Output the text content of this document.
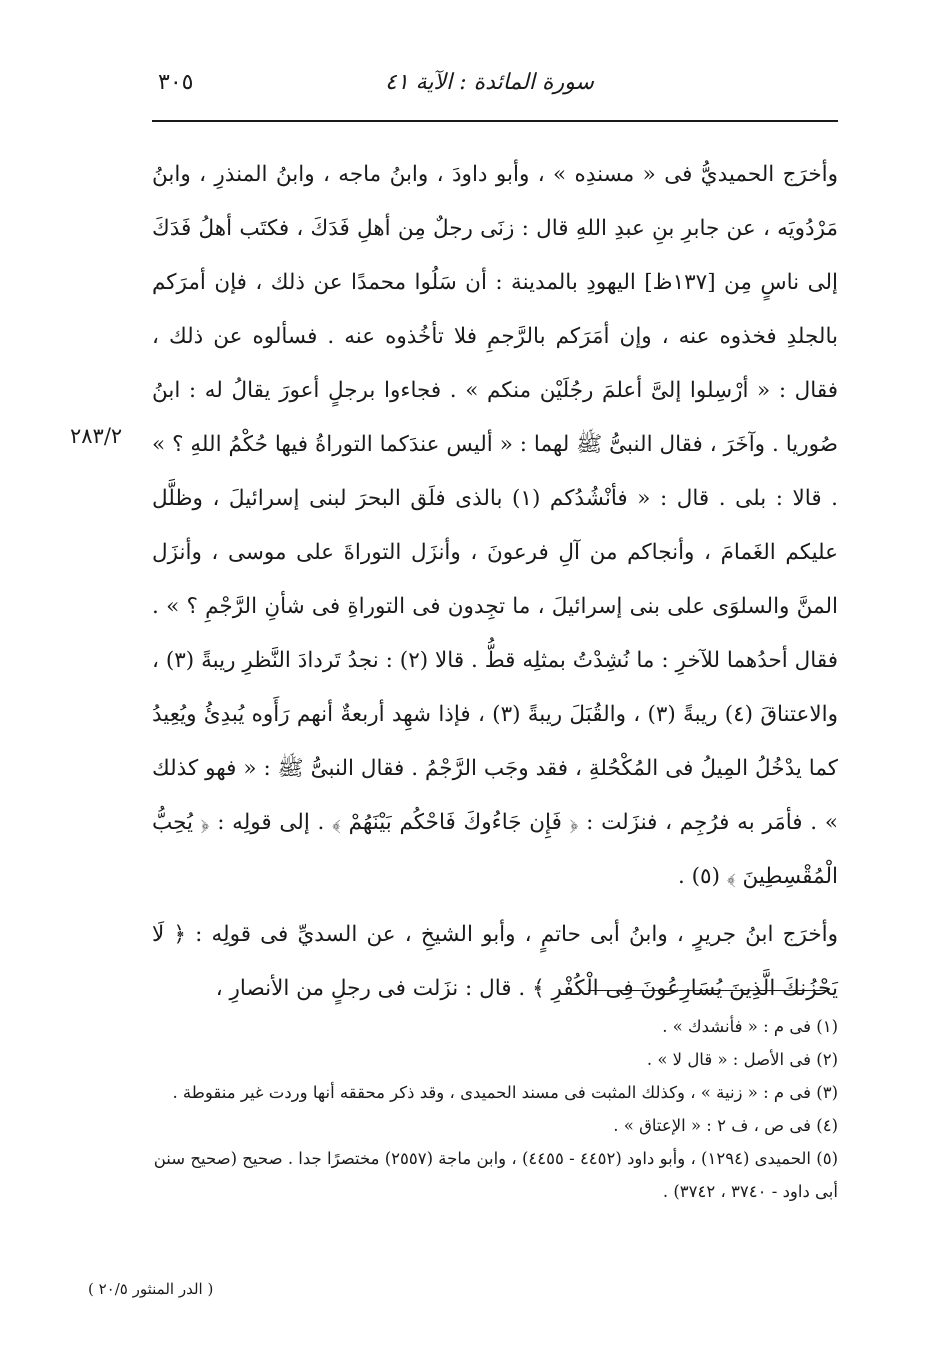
سورة المائدة : الآية ٤١
٣٠٥
٢٨٣/٢

وأخرَج الحميديُّ فى « مسندِه » ، وأبو داودَ ، وابنُ ماجه ، وابنُ المنذرِ ، وابنُ مَرْدُويَه ، عن جابرِ بنِ عبدِ اللهِ قال : زنَى رجلٌ مِن أهلِ فَدَكَ ، فكتَب أهلُ فَدَكَ إلى ناسٍ مِن [١٣٧ظ] اليهودِ بالمدينة : أن سَلُوا محمدًا عن ذلك ، فإن أمرَكم بالجلدِ فخذوه عنه ، وإن أمَرَكم بالرَّجمِ فلا تأخُذوه عنه . فسألوه عن ذلك ، فقال : « أرْسِلوا إلىَّ أعلمَ رجُلَيْن منكم » . فجاءوا برجلٍ أعورَ يقالُ له : ابنُ صُوريا . وآخَرَ ، فقال النبىُّ ﷺ لهما : « أليس عندَكما التوراةُ فيها حُكْمُ اللهِ ؟ » . قالا : بلى . قال : « فأنْشُدُكم (١) بالذى فلَق البحرَ لبنى إسرائيلَ ، وظلَّل عليكم الغَمامَ ، وأنجاكم من آلِ فرعونَ ، وأنزَل التوراةَ على موسى ، وأنزَل المنَّ والسلوَى على بنى إسرائيلَ ، ما تجِدون فى التوراةِ فى شأنِ الرَّجْمِ ؟ » . فقال أحدُهما للآخرِ : ما نُشِدْتُ بمثلِه قطُّ . قالا (٢) : نجدُ تَردادَ النَّظرِ ريبةً (٣) ، والاعتناقَ (٤) ريبةً (٣) ، والقُبَلَ ريبةً (٣) ، فإذا شهِد أربعةٌ أنهم رَأَوه يُبدِئُ ويُعِيدُ كما يدْخُلُ المِيلُ فى المُكْحُلةِ ، فقد وجَب الرَّجْمُ . فقال النبىُّ ﷺ : « فهو كذلك » . فأمَر به فرُجِم ، فنزَلت : ﴿ فَإِن جَاءُوكَ فَاحْكُم بَيْنَهُمْ ﴾ . إلى قولِه : ﴿ يُحِبُّ الْمُقْسِطِينَ ﴾ (٥) .

وأخرَج ابنُ جريرٍ ، وابنُ أبى حاتمٍ ، وأبو الشيخِ ، عن السديِّ فى قولِه : ﴿ لَا يَحْزُنكَ الَّذِينَ يُسَارِعُونَ فِى الْكُفْرِ ﴾ . قال : نزَلت فى رجلٍ من الأنصارِ ،

(١) فى م : « فأنشدك » .

(٢) فى الأصل : « قال لا » .

(٣) فى م : « زنية » ، وكذلك المثبت فى مسند الحميدى ، وقد ذكر محققه أنها وردت غير منقوطة .

(٤) فى ص ، ف ٢ : « الإعتاق » .

(٥) الحميدى (١٢٩٤) ، وأبو داود (٤٤٥٢ - ٤٤٥٥) ، وابن ماجة (٢٥٥٧) مختصرًا جدا . صحيح (صحيح سنن أبى داود - ٣٧٤٠ ، ٣٧٤٢) .

( الدر المنثور ٢٠/٥ )
